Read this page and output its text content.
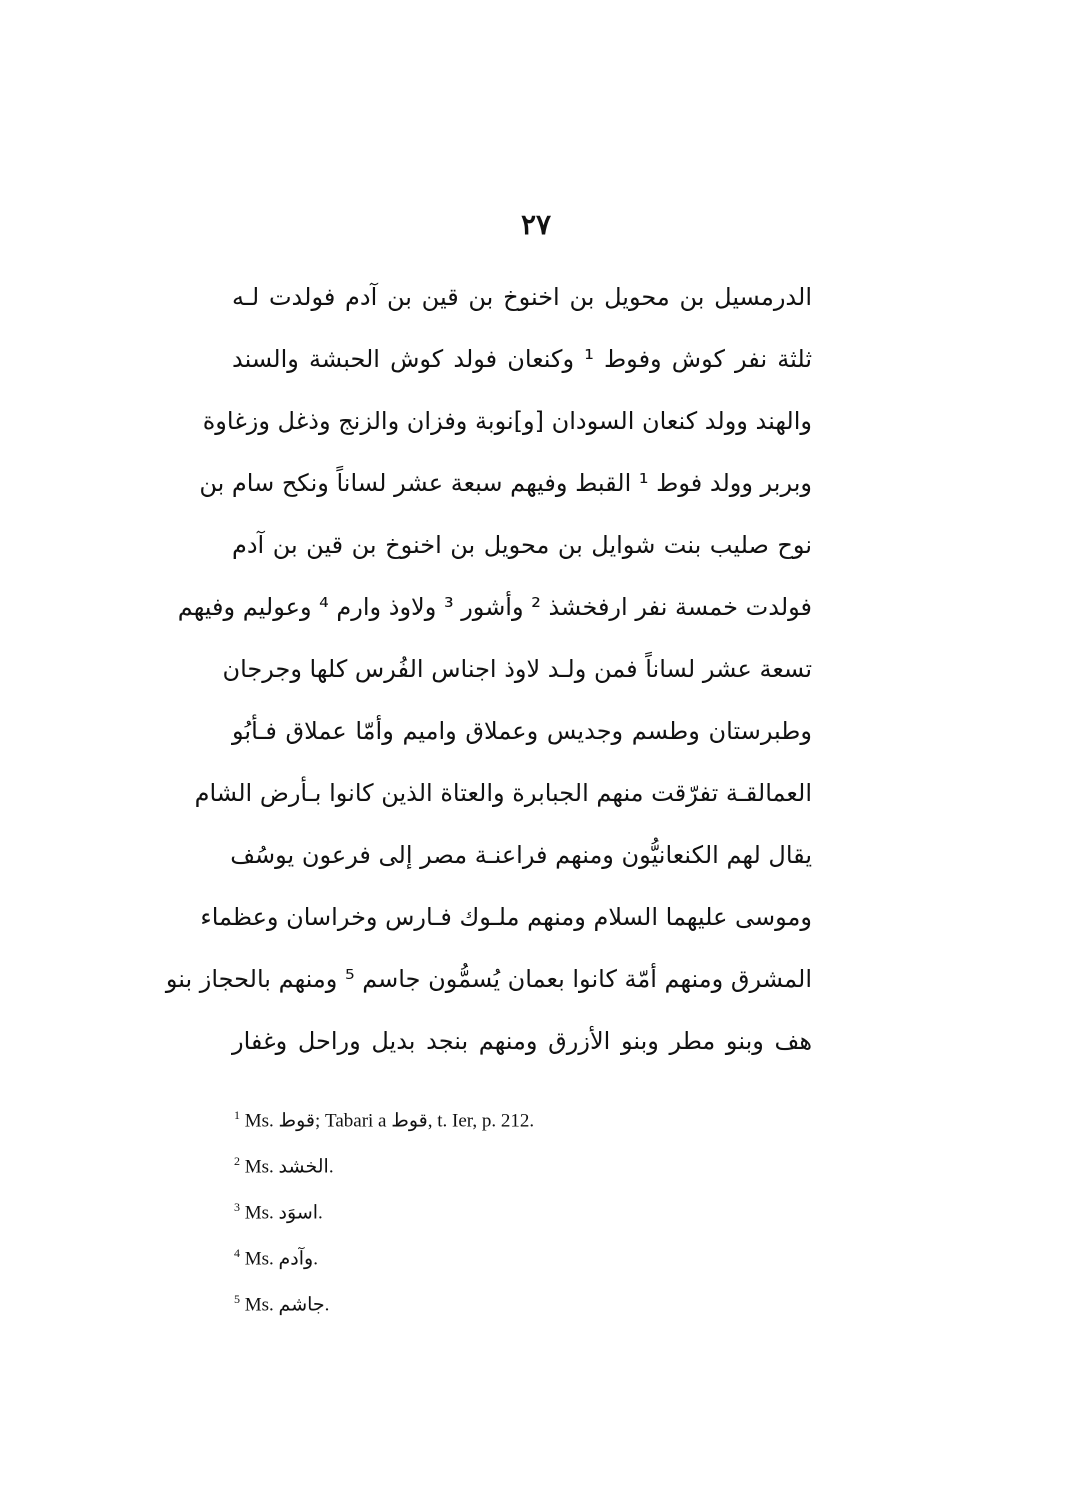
٢٧
الدرمسيل بن محويل بن اخنوخ بن قين بن آدم فولدت لـه
ثلثة نفر كوش وفوط ¹ وكنعان فولد كوش الحبشة والسند
والهند وولد كنعان السودان [و]نوبة وفزان والزنج وذغل وزغاوة
وبربر وولد فوط ¹ القبط وفيهم سبعة عشر لساناً ونكح سام بن
نوح صليب بنت شوايل بن محويل بن اخنوخ بن قين بن آدم
فولدت خمسة نفر ارفخشذ ² وأشور ³ ولاوذ وارم ⁴ وعوليم وفيهم
تسعة عشر لساناً فمن ولـد لاوذ اجناس الفُرس كلها وجرجان
وطبرستان وطسم وجديس وعملاق واميم وأمّا عملاق فـأبُو
العمالقـة تفرّقت منهم الجبابرة والعتاة الذين كانوا بـأرض الشام
يقال لهم الكنعانيُّون ومنهم فراعنـة مصر إلى فرعون يوسُف
وموسى عليهما السلام ومنهم ملـوك فـارس وخراسان وعظماء
المشرق ومنهم أمّة كانوا بعمان يُسمُّون جاسم ⁵ ومنهم بالحجاز بنو
هف وبنو مطر وبنو الأزرق ومنهم بنجد بديل وراحل وغفار
$^1$ Ms. قوط; Tabari a قوط, t. Ier, p. 212.
$^2$ Ms. الخشد.
$^3$ Ms. اسوَد.
$^4$ Ms. وآدم.
$^5$ Ms. جاشم.
